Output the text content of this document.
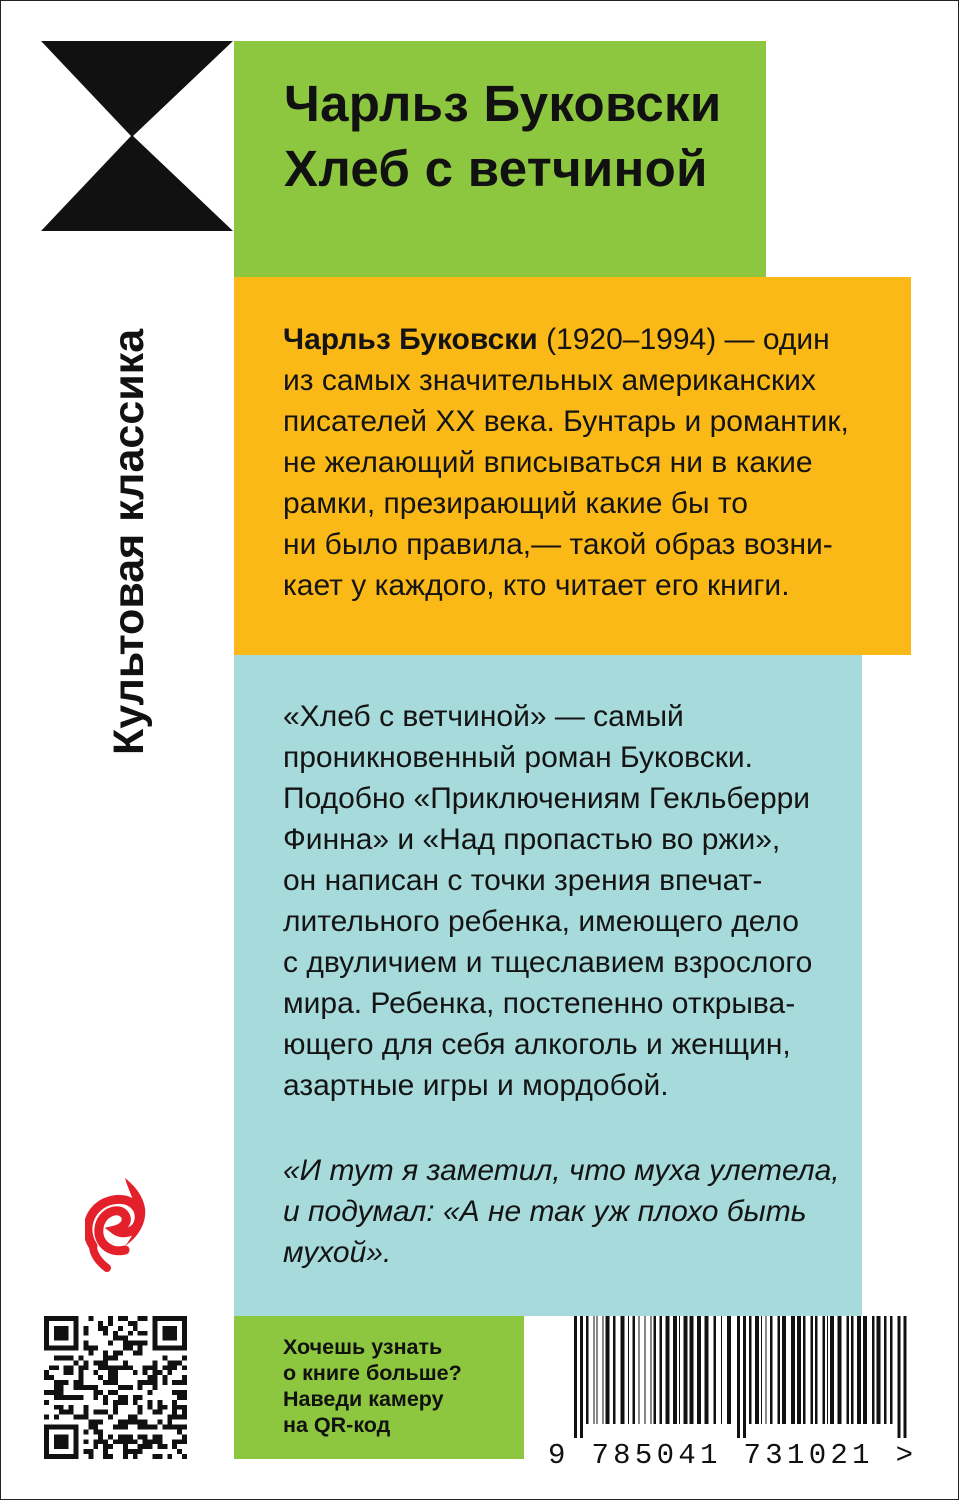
Чарльз Буковски
Хлеб с ветчиной
Чарльз Буковски (1920–1994) — один
из самых значительных американских
писателей XX века. Бунтарь и романтик,
не желающий вписываться ни в какие
рамки, презирающий какие бы то
ни было правила,— такой образ возни-
кает у каждого, кто читает его книги.
«Хлеб с ветчиной» — самый
проникновенный роман Буковски.
Подобно «Приключениям Гекльберри
Финна» и «Над пропастью во ржи»,
он написан с точки зрения впечат-
лительного ребенка, имеющего дело
с двуличием и тщеславием взрослого
мира. Ребенка, постепенно открыва-
ющего для себя алкоголь и женщин,
азартные игры и мордобой.
«И тут я заметил, что муха улетела,
и подумал: «А не так уж плохо быть
мухой».
Культовая классика
Хочешь узнать
о книге больше?
Наведи камеру
на QR-код
9 785041 731021 >
